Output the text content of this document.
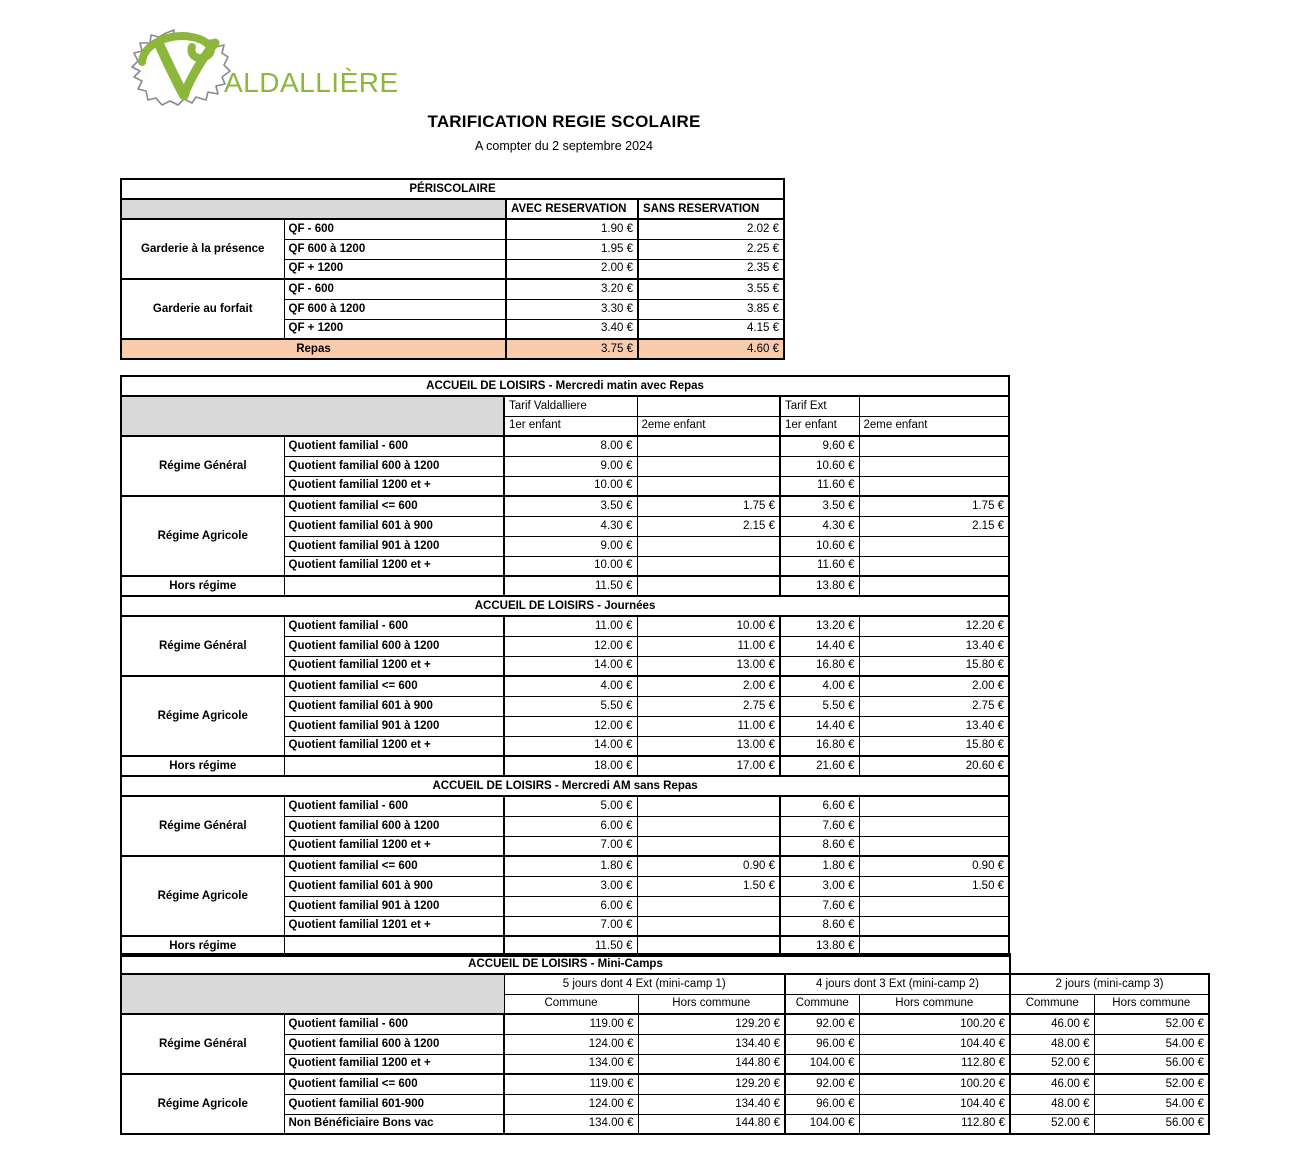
ALDALLIÈRE
TARIFICATION REGIE SCOLAIRE
A compter du 2 septembre 2024
PÉRISCOLAIRE			
		AVEC RESERVATION	SANS RESERVATION
Garderie à la présence	QF - 600	1.90 €	2.02 €
	QF 600 à 1200	1.95 €	2.25 €
	QF + 1200	2.00 €	2.35 €
Garderie au forfait	QF - 600	3.20 €	3.55 €
	QF 600 à 1200	3.30 €	3.85 €
	QF + 1200	3.40 €	4.15 €
Repas		3.75 €	4.60 €
ACCUEIL DE LOISIRS - Mercredi matin avec Repas					
		Tarif Valdalliere		Tarif Ext	
		1er enfant	2eme enfant	1er enfant	2eme enfant
Régime Général	Quotient familial - 600	8.00 €		9.60 €	
	Quotient familial 600 à 1200	9.00 €		10.60 €	
	Quotient familial 1200 et +	10.00 €		11.60 €	
Régime Agricole	Quotient familial <= 600	3.50 €	1.75 €	3.50 €	1.75 €
	Quotient familial 601 à 900	4.30 €	2.15 €	4.30 €	2.15 €
	Quotient familial 901 à 1200	9.00 €		10.60 €	
	Quotient familial 1200 et +	10.00 €		11.60 €	
Hors régime		11.50 €		13.80 €	
ACCUEIL DE LOISIRS - Journées					
Régime Général	Quotient familial - 600	11.00 €	10.00 €	13.20 €	12.20 €
	Quotient familial 600 à 1200	12.00 €	11.00 €	14.40 €	13.40 €
	Quotient familial 1200 et +	14.00 €	13.00 €	16.80 €	15.80 €
Régime Agricole	Quotient familial <= 600	4.00 €	2.00 €	4.00 €	2.00 €
	Quotient familial 601 à 900	5.50 €	2.75 €	5.50 €	2.75 €
	Quotient familial 901 à 1200	12.00 €	11.00 €	14.40 €	13.40 €
	Quotient familial 1200 et +	14.00 €	13.00 €	16.80 €	15.80 €
Hors régime		18.00 €	17.00 €	21.60 €	20.60 €
ACCUEIL DE LOISIRS - Mercredi AM sans Repas					
Régime Général	Quotient familial - 600	5.00 €		6.60 €	
	Quotient familial 600 à 1200	6.00 €		7.60 €	
	Quotient familial 1200 et +	7.00 €		8.60 €	
Régime Agricole	Quotient familial <= 600	1.80 €	0.90 €	1.80 €	0.90 €
	Quotient familial 601 à 900	3.00 €	1.50 €	3.00 €	1.50 €
	Quotient familial 901 à 1200	6.00 €		7.60 €	
	Quotient familial 1201 et +	7.00 €		8.60 €	
Hors régime		11.50 €		13.80 €	
ACCUEIL DE LOISIRS - Mini-Camps							
		5 jours dont 4 Ext (mini-camp 1)		4 jours dont 3 Ext (mini-camp 2)		2 jours (mini-camp 3)	
		Commune	Hors commune	Commune	Hors commune	Commune	Hors commune
Régime Général	Quotient familial - 600	119.00 €	129.20 €	92.00 €	100.20 €	46.00 €	52.00 €
	Quotient familial 600 à 1200	124.00 €	134.40 €	96.00 €	104.40 €	48.00 €	54.00 €
	Quotient familial 1200 et +	134.00 €	144.80 €	104.00 €	112.80 €	52.00 €	56.00 €
Régime Agricole	Quotient familial <= 600	119.00 €	129.20 €	92.00 €	100.20 €	46.00 €	52.00 €
	Quotient familial 601-900	124.00 €	134.40 €	96.00 €	104.40 €	48.00 €	54.00 €
	Non Bénéficiaire Bons vac	134.00 €	144.80 €	104.00 €	112.80 €	52.00 €	56.00 €
